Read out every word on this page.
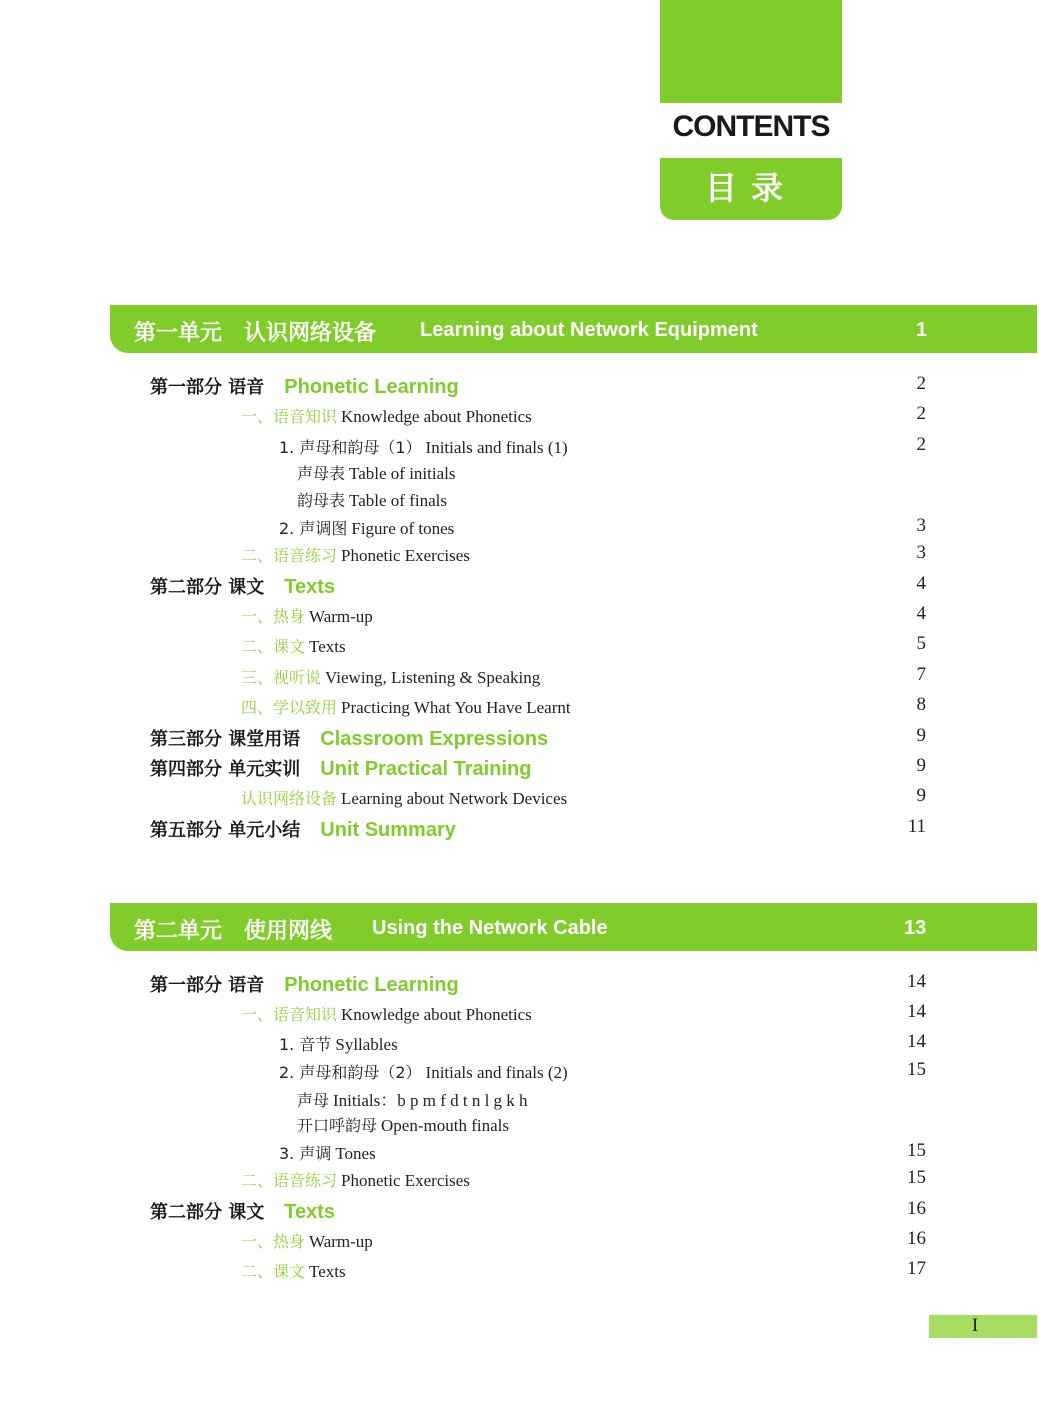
CONTENTS
目录
第一单元　认识网络设备 Learning about Network Equipment	1
第一部分 语音 Phonetic Learning	2
一、语音知识 Knowledge about Phonetics	2
1. 声母和韵母（1） Initials and finals (1)	2
声母表 Table of initials
韵母表 Table of finals
2. 声调图 Figure of tones	3
二、语音练习 Phonetic Exercises	3
第二部分 课文 Texts	4
一、热身 Warm-up	4
二、课文 Texts	5
三、视听说 Viewing, Listening & Speaking	7
四、学以致用 Practicing What You Have Learnt	8
第三部分 课堂用语 Classroom Expressions	9
第四部分 单元实训 Unit Practical Training	9
认识网络设备 Learning about Network Devices	9
第五部分 单元小结 Unit Summary	11
第二单元　使用网线 Using the Network Cable	13
第一部分 语音 Phonetic Learning	14
一、语音知识 Knowledge about Phonetics	14
1. 音节 Syllables	14
2. 声母和韵母（2） Initials and finals (2)	15
声母 Initials：b p m f d t n l g k h
开口呼韵母 Open-mouth finals
3. 声调 Tones	15
二、语音练习 Phonetic Exercises	15
第二部分 课文 Texts	16
一、热身 Warm-up	16
二、课文 Texts	17
I
